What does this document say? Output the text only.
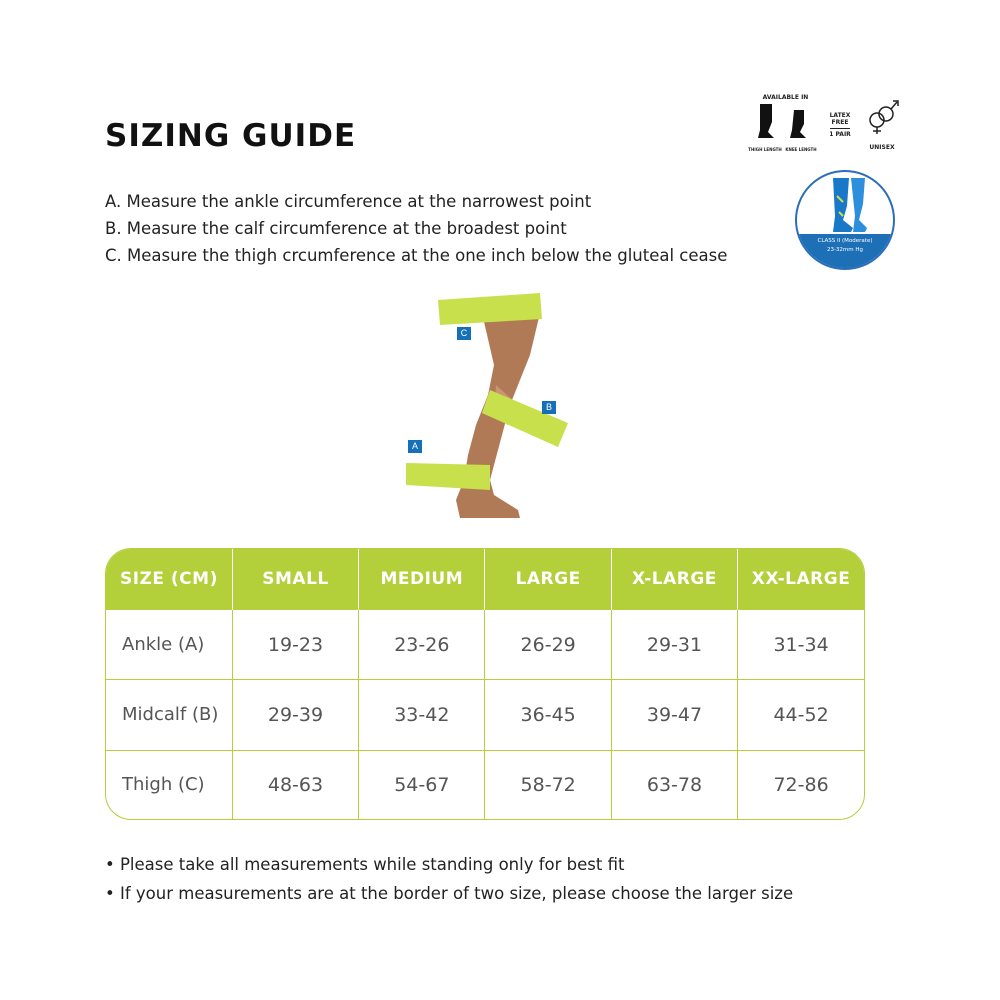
SIZING GUIDE
A. Measure the ankle circumference at the narrowest point
B. Measure the calf circumference at the broadest point
C. Measure the thigh crcumference at the one inch below the gluteal cease
AVAILABLE IN
THIGH LENGTH KNEE LENGTH
LATEX FREE
1 PAIR
UNISEX
CLASS II (Moderate)
23-32mm Hg
C
B
A
SIZE (CM)	SMALL	MEDIUM	LARGE	X-LARGE	XX-LARGE
Ankle (A)	19-23	23-26	26-29	29-31	31-34
Midcalf (B)	29-39	33-42	36-45	39-47	44-52
Thigh (C)	48-63	54-67	58-72	63-78	72-86
• Please take all measurements while standing only for best fit
• If your measurements are at the border of two size, please choose the larger size
